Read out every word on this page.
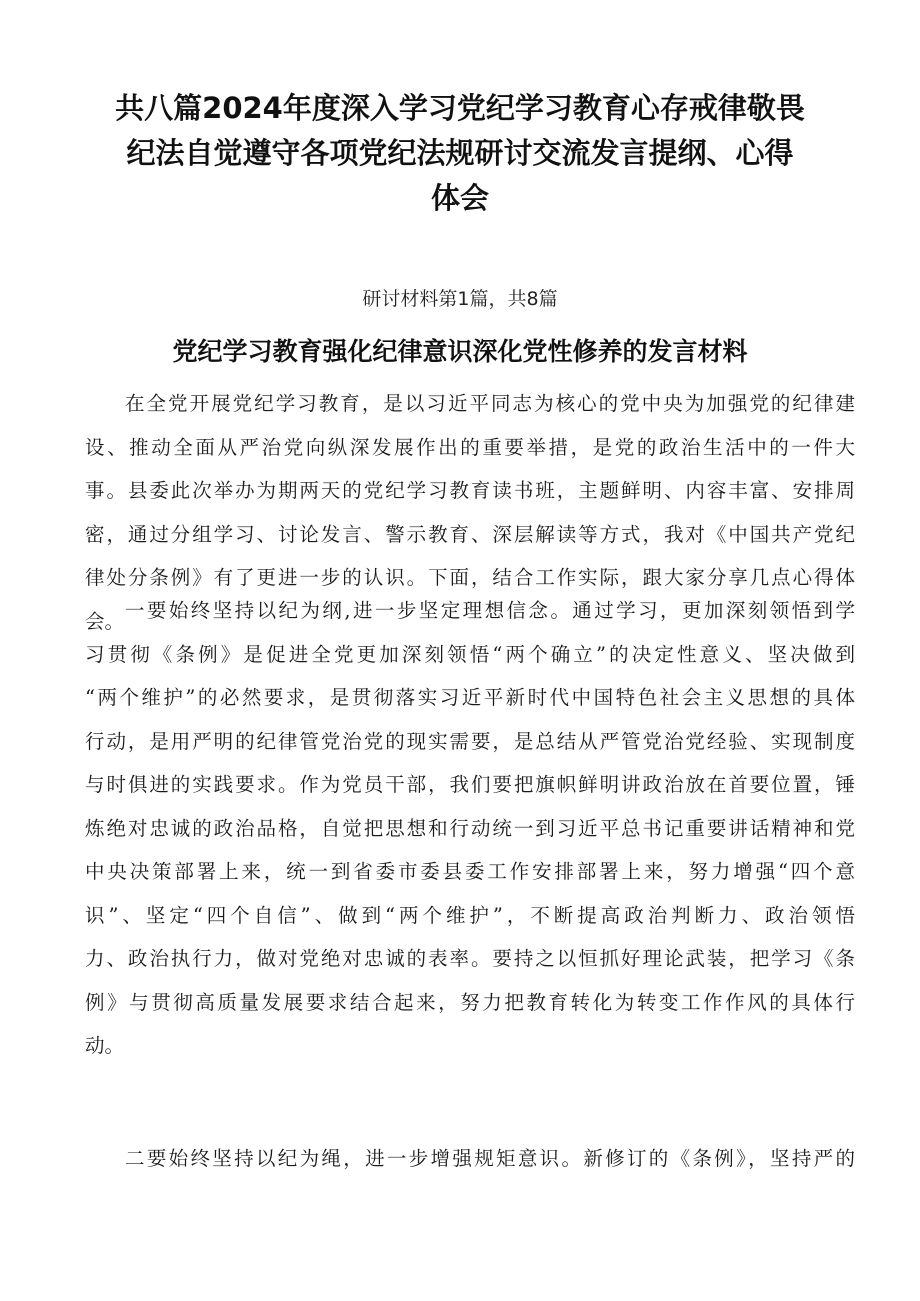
共八篇2024年度深入学习党纪学习教育心存戒律敬畏
纪法自觉遵守各项党纪法规研讨交流发言提纲、心得
体会
研讨材料第1篇，共8篇
党纪学习教育强化纪律意识深化党性修养的发言材料
在全党开展党纪学习教育，是以习近平同志为核心的党中央为加强党的纪律建
设、推动全面从严治党向纵深发展作出的重要举措，是党的政治生活中的一件大
事。县委此次举办为期两天的党纪学习教育读书班，主题鲜明、内容丰富、安排周
密，通过分组学习、讨论发言、警示教育、深层解读等方式，我对《中国共产党纪
律处分条例》有了更进一步的认识。下面，结合工作实际，跟大家分享几点心得体
会。 一要始终坚持以纪为纲,进一步坚定理想信念。通过学习，更加深刻领悟到学
习贯彻《条例》是促进全党更加深刻领悟“两个确立”的决定性意义、坚决做到
“两个维护”的必然要求，是贯彻落实习近平新时代中国特色社会主义思想的具体
行动，是用严明的纪律管党治党的现实需要，是总结从严管党治党经验、实现制度
与时俱进的实践要求。作为党员干部，我们要把旗帜鲜明讲政治放在首要位置，锤
炼绝对忠诚的政治品格，自觉把思想和行动统一到习近平总书记重要讲话精神和党
中央决策部署上来，统一到省委市委县委工作安排部署上来，努力增强“四个意
识”、坚定“四个自信”、做到“两个维护”，不断提高政治判断力、政治领悟
力、政治执行力，做对党绝对忠诚的表率。要持之以恒抓好理论武装，把学习《条
例》与贯彻高质量发展要求结合起来，努力把教育转化为转变工作作风的具体行
动。
二要始终坚持以纪为绳，进一步增强规矩意识。新修订的《条例》，坚持严的
